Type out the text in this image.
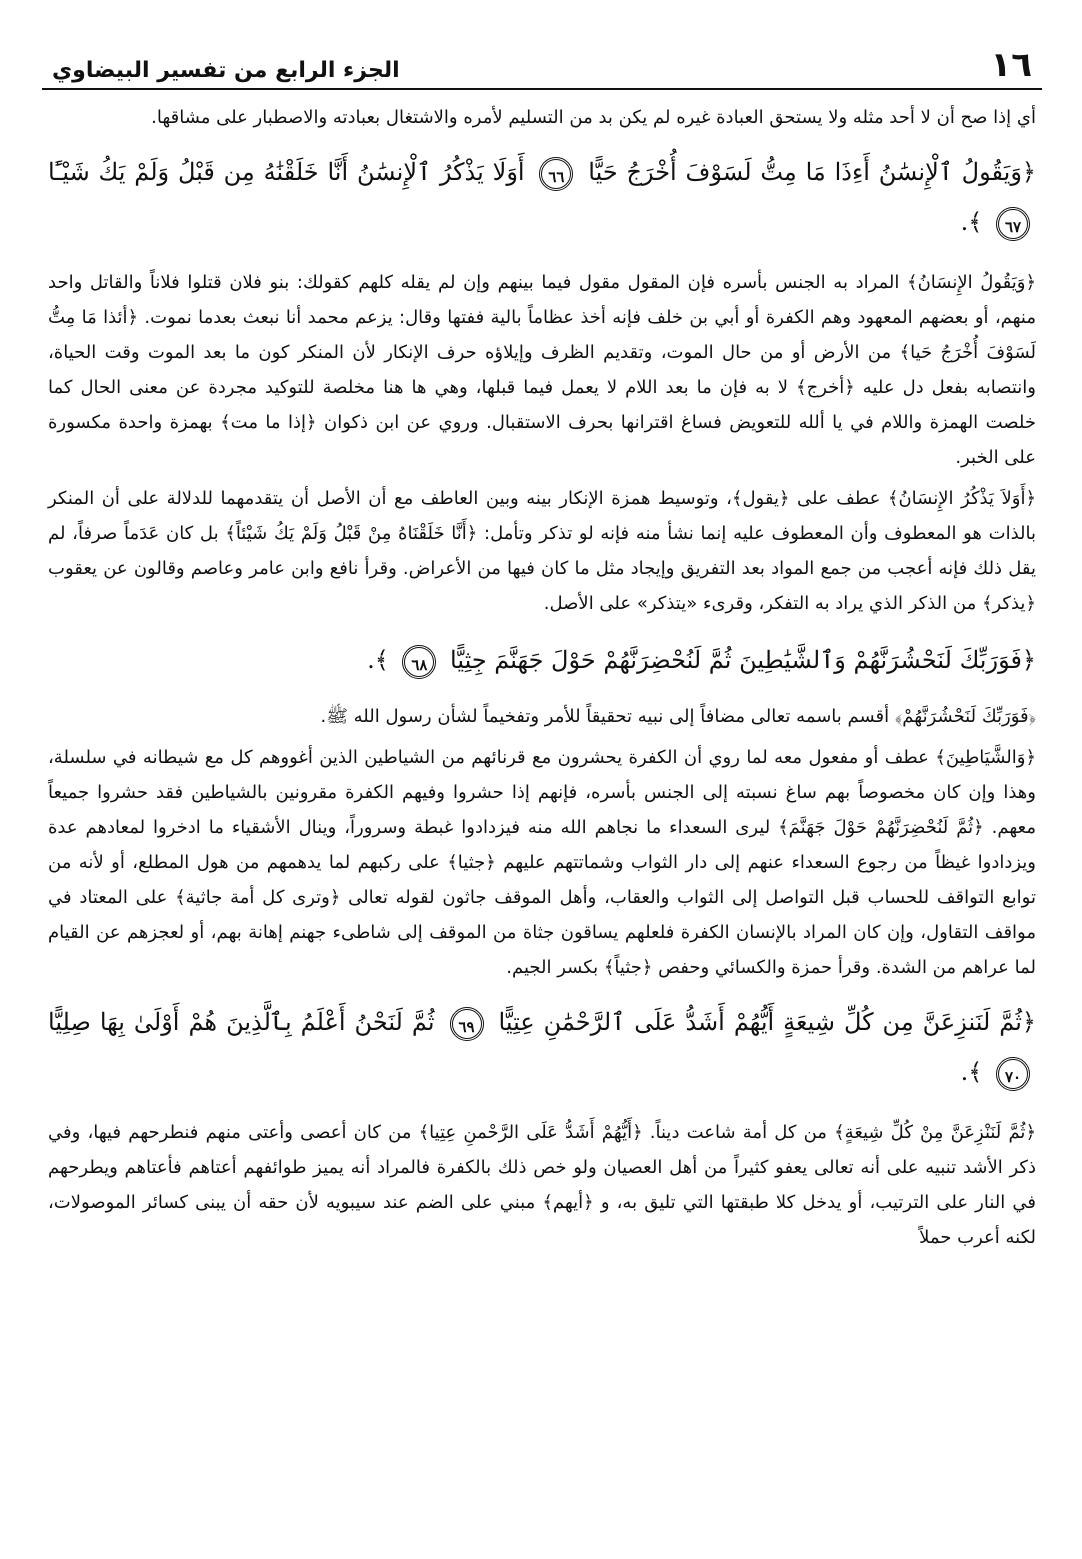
١٦
الجزء الرابع من تفسير البيضاوي

أي إذا صح أن لا أحد مثله ولا يستحق العبادة غيره لم يكن بد من التسليم لأمره والاشتغال بعبادته والاصطبار على مشاقها.

﴿وَيَقُولُ ٱلْإِنسَٰنُ أَءِذَا مَا مِتُّ لَسَوْفَ أُخْرَجُ حَيًّا ٦٦ أَوَلَا يَذْكُرُ ٱلْإِنسَٰنُ أَنَّا خَلَقْنَٰهُ مِن قَبْلُ وَلَمْ يَكُ شَيْـًٔا ٦٧ ﴾.

﴿وَيَقُولُ الإِنسَانُ﴾ المراد به الجنس بأسره فإن المقول مقول فيما بينهم وإن لم يقله كلهم كقولك: بنو فلان قتلوا فلاناً والقاتل واحد منهم، أو بعضهم المعهود وهم الكفرة أو أبي بن خلف فإنه أخذ عظاماً بالية ففتها وقال: يزعم محمد أنا نبعث بعدما نموت. ﴿أئذا مَا مِتُّ لَسَوْفَ أُخْرَجُ حَيا﴾ من الأرض أو من حال الموت، وتقديم الظرف وإيلاؤه حرف الإنكار لأن المنكر كون ما بعد الموت وقت الحياة، وانتصابه بفعل دل عليه ﴿أخرج﴾ لا به فإن ما بعد اللام لا يعمل فيما قبلها، وهي ها هنا مخلصة للتوكيد مجردة عن معنى الحال كما خلصت الهمزة واللام في يا ألله للتعويض فساغ اقترانها بحرف الاستقبال. وروي عن ابن ذكوان ﴿إذا ما مت﴾ بهمزة واحدة مكسورة على الخبر.

﴿أَوَلاَ يَذْكُرُ الإِنسَانُ﴾ عطف على ﴿يقول﴾، وتوسيط همزة الإنكار بينه وبين العاطف مع أن الأصل أن يتقدمهما للدلالة على أن المنكر بالذات هو المعطوف وأن المعطوف عليه إنما نشأ منه فإنه لو تذكر وتأمل: ﴿أَنَّا خَلَقْنَاهُ مِنْ قَبْلُ وَلَمْ يَكُ شَيْئاً﴾ بل كان عَدَماً صرفاً، لم يقل ذلك فإنه أعجب من جمع المواد بعد التفريق وإيجاد مثل ما كان فيها من الأعراض. وقرأ نافع وابن عامر وعاصم وقالون عن يعقوب ﴿يذكر﴾ من الذكر الذي يراد به التفكر، وقرىء «يتذكر» على الأصل.

﴿فَوَرَبِّكَ لَنَحْشُرَنَّهُمْ وَٱلشَّيَٰطِينَ ثُمَّ لَنُحْضِرَنَّهُمْ حَوْلَ جَهَنَّمَ جِثِيًّا ٦٨ ﴾.

﴿فَوَرَبِّكَ لَنَحْشُرَنَّهُمْ﴾ أقسم باسمه تعالى مضافاً إلى نبيه تحقيقاً للأمر وتفخيماً لشأن رسول الله ﷺ.

﴿وَالشَّيَاطِينَ﴾ عطف أو مفعول معه لما روي أن الكفرة يحشرون مع قرنائهم من الشياطين الذين أغووهم كل مع شيطانه في سلسلة، وهذا وإن كان مخصوصاً بهم ساغ نسبته إلى الجنس بأسره، فإنهم إذا حشروا وفيهم الكفرة مقرونين بالشياطين فقد حشروا جميعاً معهم. ﴿ثُمَّ لَنُحْضِرَنَّهُمْ حَوْلَ جَهَنَّمَ﴾ ليرى السعداء ما نجاهم الله منه فيزدادوا غبطة وسروراً، وينال الأشقياء ما ادخروا لمعادهم عدة ويزدادوا غيظاً من رجوع السعداء عنهم إلى دار الثواب وشماتتهم عليهم ﴿جثيا﴾ على ركبهم لما يدهمهم من هول المطلع، أو لأنه من توابع التواقف للحساب قبل التواصل إلى الثواب والعقاب، وأهل الموقف جاثون لقوله تعالى ﴿وترى كل أمة جاثية﴾ على المعتاد في مواقف التقاول، وإن كان المراد بالإنسان الكفرة فلعلهم يساقون جثاة من الموقف إلى شاطىء جهنم إهانة بهم، أو لعجزهم عن القيام لما عراهم من الشدة. وقرأ حمزة والكسائي وحفص ﴿جثياً﴾ بكسر الجيم.

﴿ثُمَّ لَنَنزِعَنَّ مِن كُلِّ شِيعَةٍ أَيُّهُمْ أَشَدُّ عَلَى ٱلرَّحْمَٰنِ عِتِيًّا ٦٩ ثُمَّ لَنَحْنُ أَعْلَمُ بِٱلَّذِينَ هُمْ أَوْلَىٰ بِهَا صِلِيًّا ٧٠ ﴾.

﴿ثُمَّ لَنَنْزِعَنَّ مِنْ كُلِّ شِيعَةٍ﴾ من كل أمة شاعت ديناً. ﴿أَيُّهُمْ أَشَدُّ عَلَى الرَّحْمنِ عِتِيا﴾ من كان أعصى وأعتى منهم فنطرحهم فيها، وفي ذكر الأشد تنبيه على أنه تعالى يعفو كثيراً من أهل العصيان ولو خص ذلك بالكفرة فالمراد أنه يميز طوائفهم أعتاهم فأعتاهم ويطرحهم في النار على الترتيب، أو يدخل كلا طبقتها التي تليق به، و ﴿أيهم﴾ مبني على الضم عند سيبويه لأن حقه أن يبنى كسائر الموصولات، لكنه أعرب حملاً
